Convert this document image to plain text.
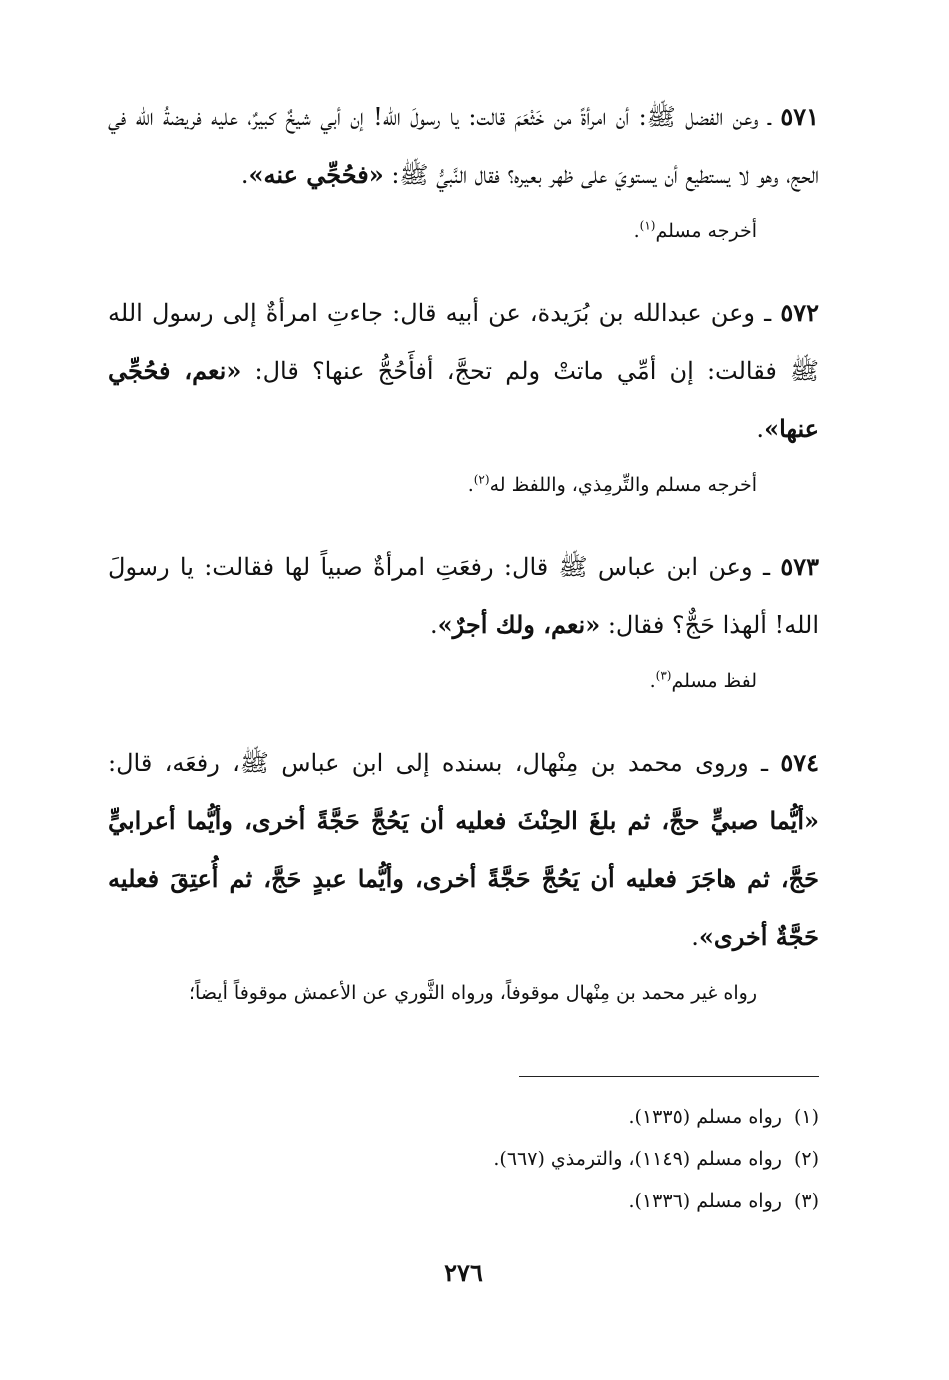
٥٧١ ـ وعن الفضل ﷺ: أن امرأةً من خَثْعَمَ قالت: يا رسولَ الله! إن أبي شيخٌ كبيرٌ، عليه فريضةُ الله في الحج، وهو لا يستطيع أن يستويَ على ظهر بعيره؟ فقال النَّبيُّ ﷺ: «فحُجِّي عنه».

أخرجه مسلم$^{(١)}$.

٥٧٢ ـ وعن عبدالله بن بُرَيدة، عن أبيه قال: جاءتِ امرأةٌ إلى رسول الله ﷺ فقالت: إن أمِّي ماتتْ ولم تحجَّ، أفأَحُجُّ عنها؟ قال: «نعم، فحُجِّي عنها».

أخرجه مسلم والتِّرمِذي، واللفظ له$^{(٢)}$.

٥٧٣ ـ وعن ابن عباس ﷺ قال: رفعَتِ امرأةٌ صبياً لها فقالت: يا رسولَ الله! ألهذا حَجٌّ؟ فقال: «نعم، ولك أجرٌ».

لفظ مسلم$^{(٣)}$.

٥٧٤ ـ وروى محمد بن مِنْهال، بسنده إلى ابن عباس ﷺ، رفعَه، قال: «أيُّما صبيٍّ حجَّ، ثم بلغَ الحِنْثَ فعليه أن يَحُجَّ حَجَّةً أخرى، وأيُّما أعرابيٍّ حَجَّ، ثم هاجَرَ فعليه أن يَحُجَّ حَجَّةً أخرى، وأيُّما عبدٍ حَجَّ، ثم أُعتِقَ فعليه حَجَّةٌ أخرى».

رواه غير محمد بن مِنْهال موقوفاً، ورواه الثَّوري عن الأعمش موقوفاً أيضاً؛
(١)رواه مسلم (١٣٣٥).
(٢)رواه مسلم (١١٤٩)، والترمذي (٦٦٧).
(٣)رواه مسلم (١٣٣٦).
٢٧٦
